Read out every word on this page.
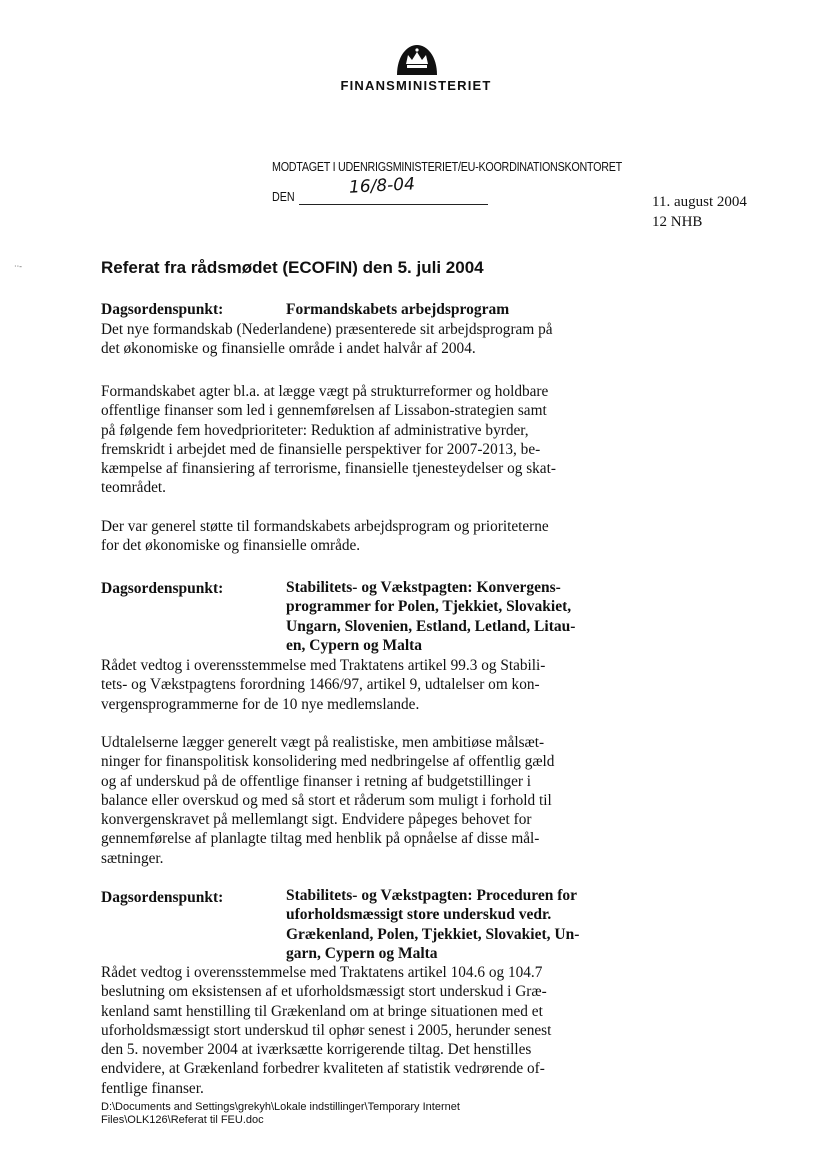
FINANSMINISTERIET
MODTAGET I UDENRIGSMINISTERIET/EU-KOORDINATIONSKONTORET
DEN	16/8-04
11. august 2004
12 NHB
·‧-	Referat fra rådsmødet (ECOFIN) den 5. juli 2004
Dagsordenspunkt:	Formandskabets arbejdsprogram
Det nye formandskab (Nederlandene) præsenterede sit arbejdsprogram på
det økonomiske og finansielle område i andet halvår af 2004.
Formandskabet agter bl.a. at lægge vægt på strukturreformer og holdbare
offentlige finanser som led i gennemførelsen af Lissabon-strategien samt
på følgende fem hovedprioriteter: Reduktion af administrative byrder,
fremskridt i arbejdet med de finansielle perspektiver for 2007-2013, be-
kæmpelse af finansiering af terrorisme, finansielle tjenesteydelser og skat-
teområdet.
Der var generel støtte til formandskabets arbejdsprogram og prioriteterne
for det økonomiske og finansielle område.
Dagsordenspunkt:	Stabilitets- og Vækstpagten: Konvergens-
programmer for Polen, Tjekkiet, Slovakiet,
Ungarn, Slovenien, Estland, Letland, Litau-
en, Cypern og Malta
Rådet vedtog i overensstemmelse med Traktatens artikel 99.3 og Stabili-
tets- og Vækstpagtens forordning 1466/97, artikel 9, udtalelser om kon-
vergensprogrammerne for de 10 nye medlemslande.
Udtalelserne lægger generelt vægt på realistiske, men ambitiøse målsæt-
ninger for finanspolitisk konsolidering med nedbringelse af offentlig gæld
og af underskud på de offentlige finanser i retning af budgetstillinger i
balance eller overskud og med så stort et råderum som muligt i forhold til
konvergenskravet på mellemlangt sigt. Endvidere påpeges behovet for
gennemførelse af planlagte tiltag med henblik på opnåelse af disse mål-
sætninger.
Dagsordenspunkt:	Stabilitets- og Vækstpagten: Proceduren for
uforholdsmæssigt store underskud vedr.
Grækenland, Polen, Tjekkiet, Slovakiet, Un-
garn, Cypern og Malta
Rådet vedtog i overensstemmelse med Traktatens artikel 104.6 og 104.7
beslutning om eksistensen af et uforholdsmæssigt stort underskud i Græ-
kenland samt henstilling til Grækenland om at bringe situationen med et
uforholdsmæssigt stort underskud til ophør senest i 2005, herunder senest
den 5. november 2004 at iværksætte korrigerende tiltag. Det henstilles
endvidere, at Grækenland forbedrer kvaliteten af statistik vedrørende of-
fentlige finanser.
D:\Documents and Settings\grekyh\Lokale indstillinger\Temporary Internet
Files\OLK126\Referat til FEU.doc
